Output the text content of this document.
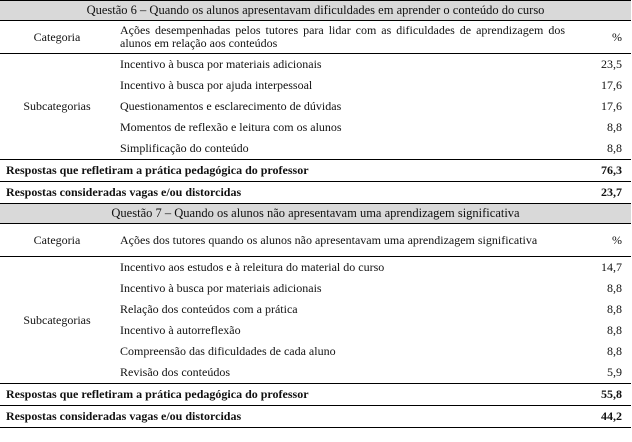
Questão 6 – Quando os alunos apresentavam dificuldades em aprender o conteúdo do curso		
Categoria	Ações desempenhadas pelos tutores para lidar com as dificuldades de aprendizagem dos alunos em relação aos conteúdos	%
Subcategorias	Incentivo à busca por materiais adicionais	23,5
	Incentivo à busca por ajuda interpessoal	17,6
	Questionamentos e esclarecimento de dúvidas	17,6
	Momentos de reflexão e leitura com os alunos	8,8
	Simplificação do conteúdo	8,8
Respostas que refletiram a prática pedagógica do professor		76,3
Respostas consideradas vagas e/ou distorcidas		23,7
Questão 7 – Quando os alunos não apresentavam uma aprendizagem significativa		
Categoria	Ações dos tutores quando os alunos não apresentavam uma aprendizagem significativa	%
Subcategorias	Incentivo aos estudos e à releitura do material do curso	14,7
	Incentivo à busca por materiais adicionais	8,8
	Relação dos conteúdos com a prática	8,8
	Incentivo à autorreflexão	8,8
	Compreensão das dificuldades de cada aluno	8,8
	Revisão dos conteúdos	5,9
Respostas que refletiram a prática pedagógica do professor		55,8
Respostas consideradas vagas e/ou distorcidas		44,2
